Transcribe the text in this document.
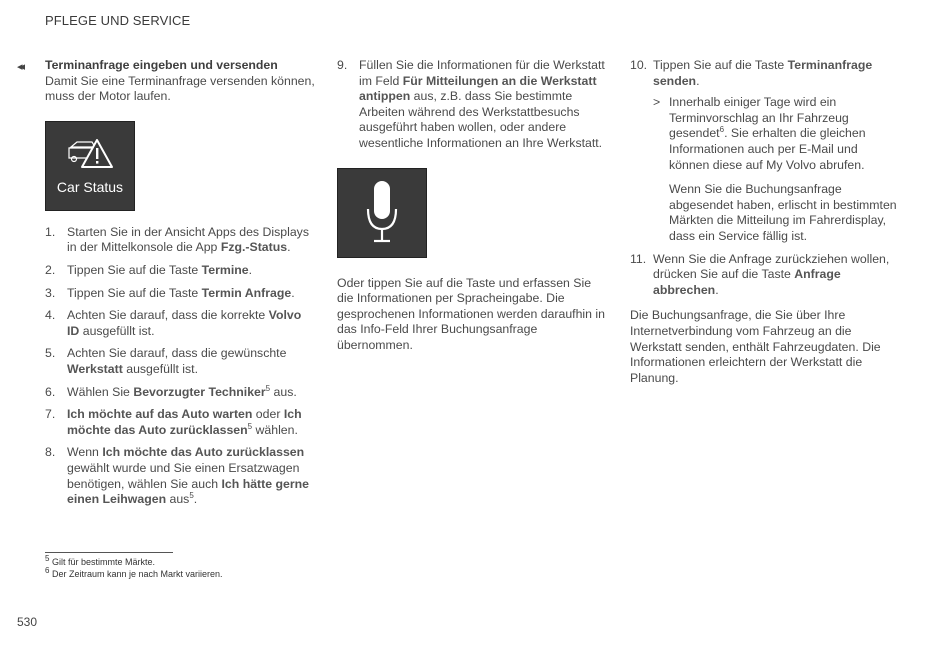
PFLEGE UND SERVICE
◂◂ Terminanfrage eingeben und versenden
Damit Sie eine Terminanfrage versenden können, muss der Motor laufen.
Car Status
1. Starten Sie in der Ansicht Apps des Displays in der Mittelkonsole die App Fzg.-Status.
2. Tippen Sie auf die Taste Termine.
3. Tippen Sie auf die Taste Termin Anfrage.
4. Achten Sie darauf, dass die korrekte Volvo ID ausgefüllt ist.
5. Achten Sie darauf, dass die gewünschte Werkstatt ausgefüllt ist.
6. Wählen Sie Bevorzugter Techniker$^5$ aus.
7. Ich möchte auf das Auto warten oder Ich möchte das Auto zurücklassen$^5$ wählen.
8. Wenn Ich möchte das Auto zurücklassen gewählt wurde und Sie einen Ersatzwagen benötigen, wählen Sie auch Ich hätte gerne einen Leihwagen aus$^5$.
9. Füllen Sie die Informationen für die Werkstatt im Feld Für Mitteilungen an die Werkstatt antippen aus, z.B. dass Sie bestimmte Arbeiten während des Werkstattbesuchs ausgeführt haben wollen, oder andere wesentliche Informationen an Ihre Werkstatt.
Oder tippen Sie auf die Taste und erfassen Sie die Informationen per Spracheingabe. Die gesprochenen Informationen werden daraufhin in das Info-Feld Ihrer Buchungsanfrage übernommen.
10. Tippen Sie auf die Taste Terminanfrage senden.
> Innerhalb einiger Tage wird ein Terminvorschlag an Ihr Fahrzeug gesendet$^6$. Sie erhalten die gleichen Informationen auch per E-Mail und können diese auf My Volvo abrufen.
Wenn Sie die Buchungsanfrage abgesendet haben, erlischt in bestimmten Märkten die Mitteilung im Fahrerdisplay, dass ein Service fällig ist.
11. Wenn Sie die Anfrage zurückziehen wollen, drücken Sie auf die Taste Anfrage abbrechen.
Die Buchungsanfrage, die Sie über Ihre Internetverbindung vom Fahrzeug an die Werkstatt senden, enthält Fahrzeugdaten. Die Informationen erleichtern der Werkstatt die Planung.
$^5$ Gilt für bestimmte Märkte.
$^6$ Der Zeitraum kann je nach Markt variieren.
530
